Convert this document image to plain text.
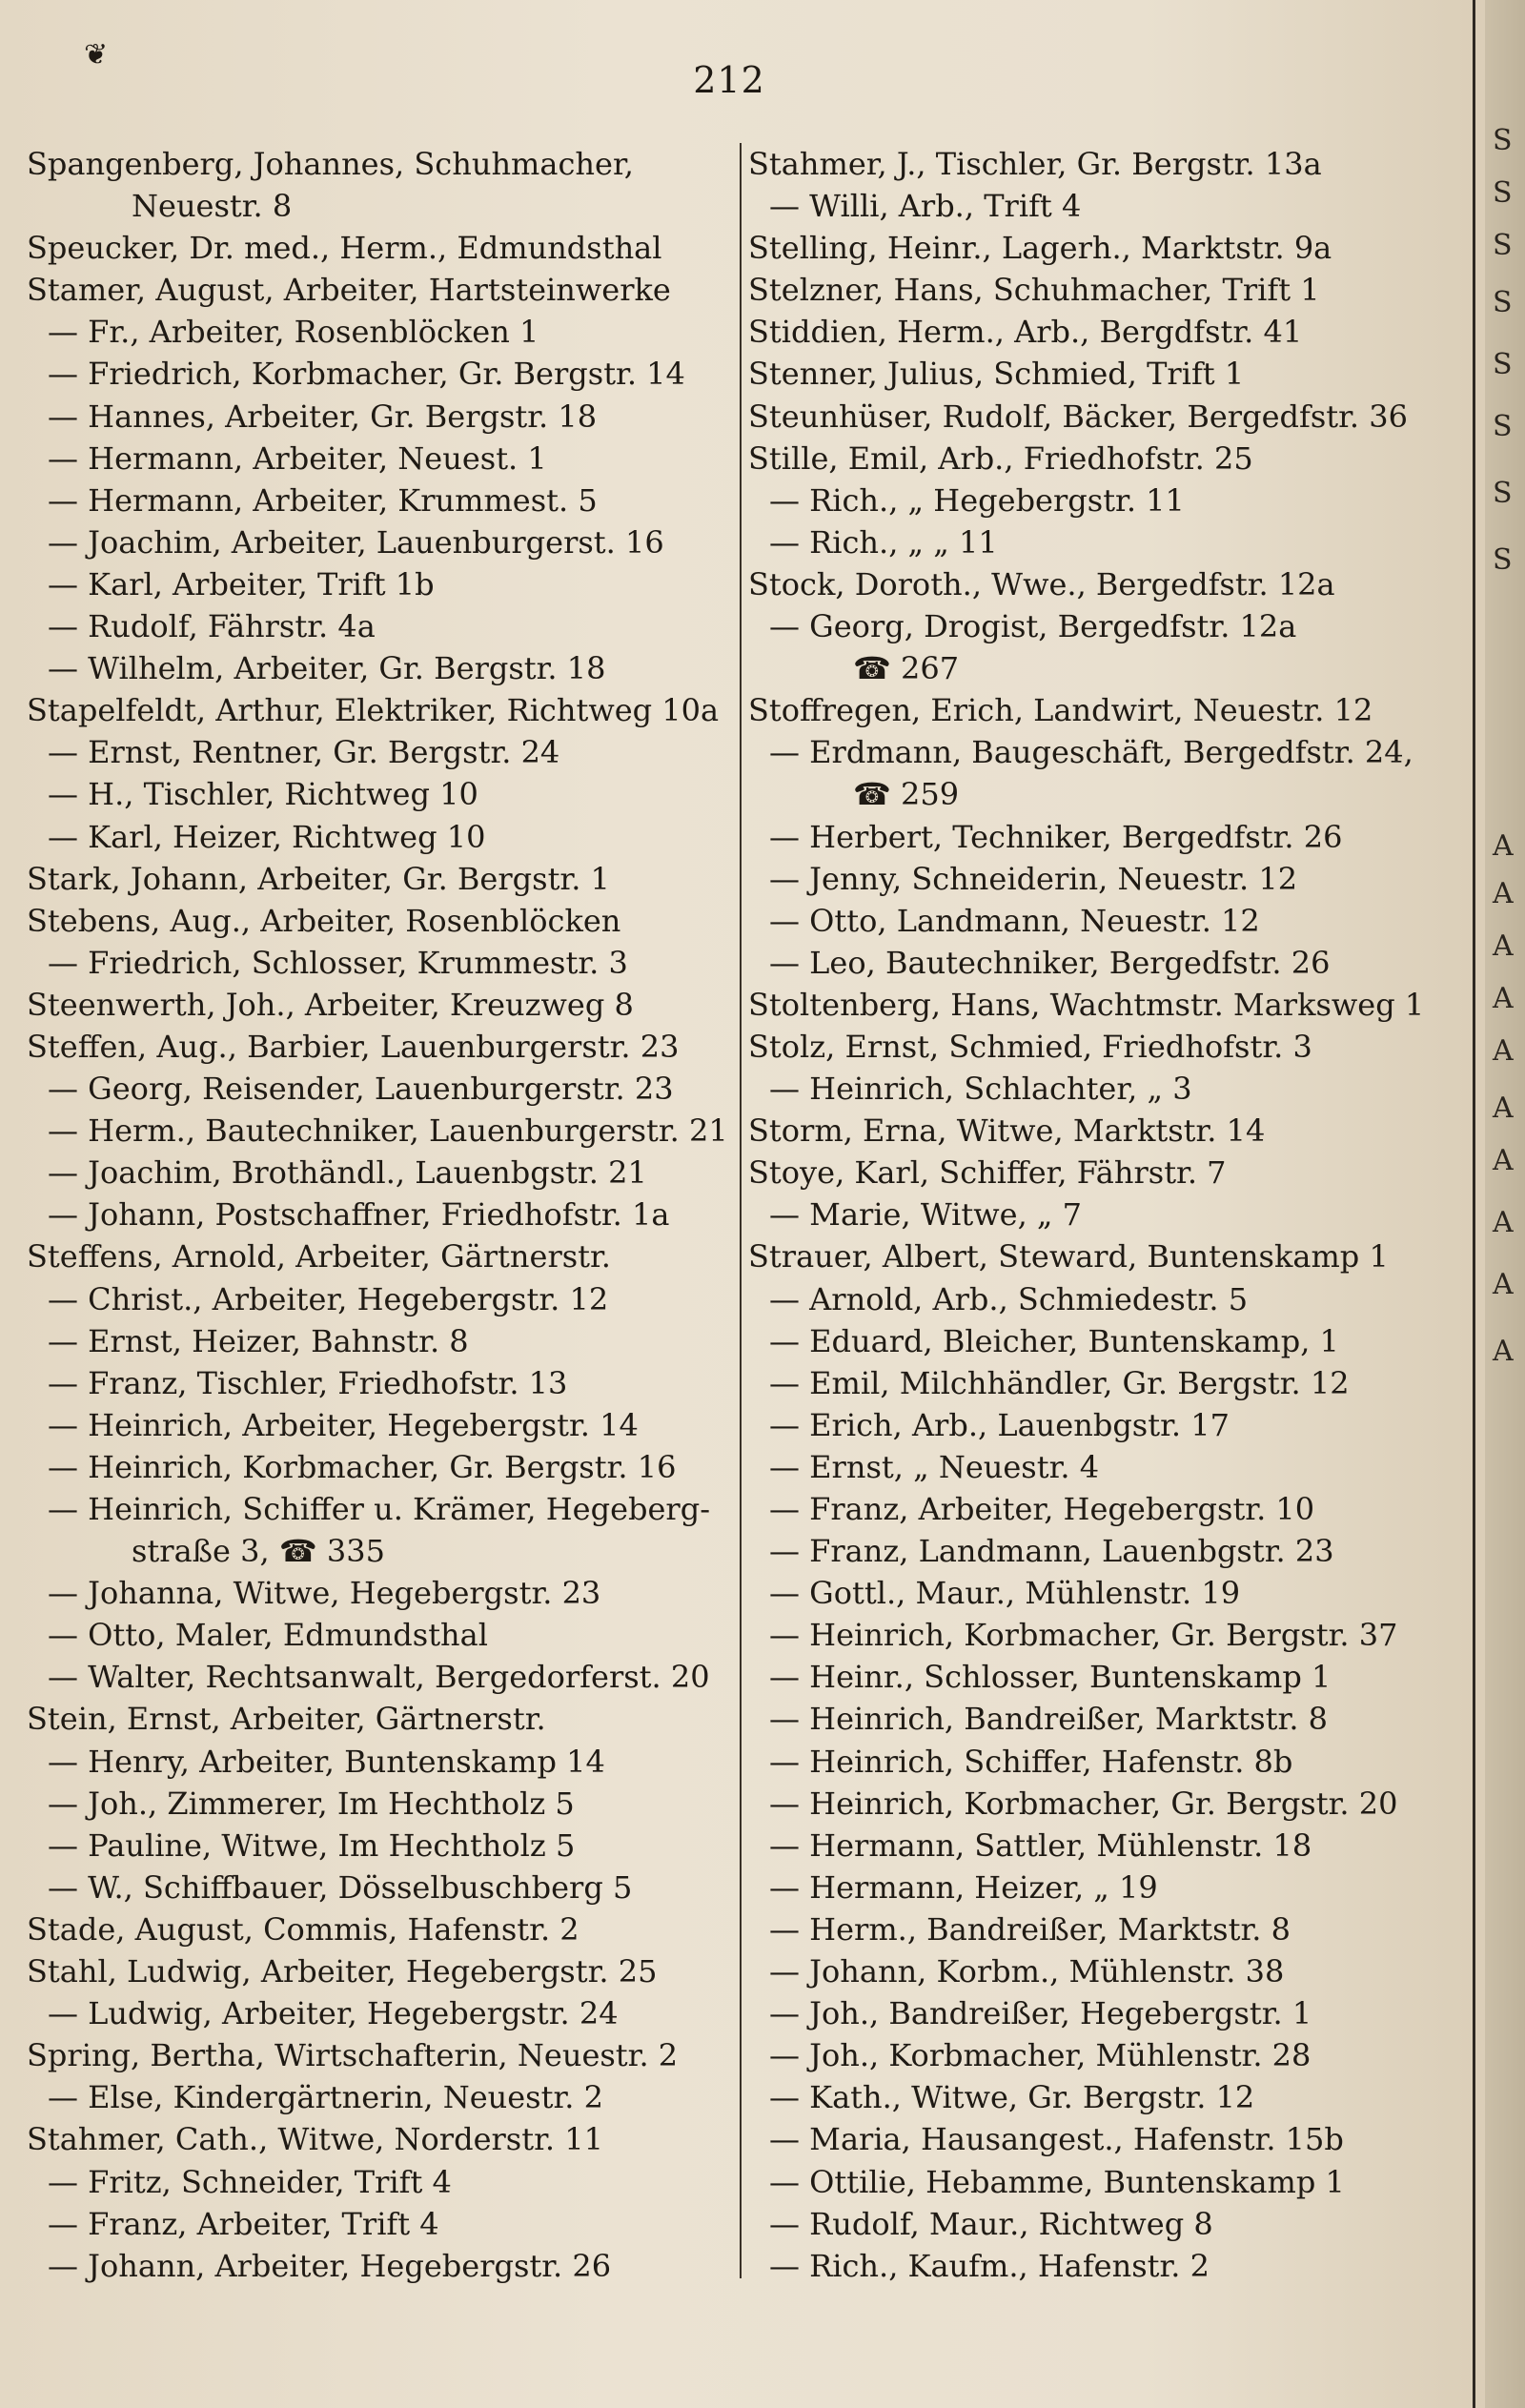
❦
212
Spangenberg, Johannes, Schuhmacher,
Neuestr. 8
Speucker, Dr. med., Herm., Edmundsthal
Stamer, August, Arbeiter, Hartsteinwerke
— Fr., Arbeiter, Rosenblöcken 1
— Friedrich, Korbmacher, Gr. Bergstr. 14
— Hannes, Arbeiter, Gr. Bergstr. 18
— Hermann, Arbeiter, Neuest. 1
— Hermann, Arbeiter, Krummest. 5
— Joachim, Arbeiter, Lauenburgerst. 16
— Karl, Arbeiter, Trift 1b
— Rudolf, Fährstr. 4a
— Wilhelm, Arbeiter, Gr. Bergstr. 18
Stapelfeldt, Arthur, Elektriker, Richtweg 10a
— Ernst, Rentner, Gr. Bergstr. 24
— H., Tischler, Richtweg 10
— Karl, Heizer, Richtweg 10
Stark, Johann, Arbeiter, Gr. Bergstr. 1
Stebens, Aug., Arbeiter, Rosenblöcken
— Friedrich, Schlosser, Krummestr. 3
Steenwerth, Joh., Arbeiter, Kreuzweg 8
Steffen, Aug., Barbier, Lauenburgerstr. 23
— Georg, Reisender, Lauenburgerstr. 23
— Herm., Bautechniker, Lauenburgerstr. 21
— Joachim, Brothändl., Lauenbgstr. 21
— Johann, Postschaffner, Friedhofstr. 1a
Steffens, Arnold, Arbeiter, Gärtnerstr.
— Christ., Arbeiter, Hegebergstr. 12
— Ernst, Heizer, Bahnstr. 8
— Franz, Tischler, Friedhofstr. 13
— Heinrich, Arbeiter, Hegebergstr. 14
— Heinrich, Korbmacher, Gr. Bergstr. 16
— Heinrich, Schiffer u. Krämer, Hegeberg-
straße 3, ☎ 335
— Johanna, Witwe, Hegebergstr. 23
— Otto, Maler, Edmundsthal
— Walter, Rechtsanwalt, Bergedorferst. 20
Stein, Ernst, Arbeiter, Gärtnerstr.
— Henry, Arbeiter, Buntenskamp 14
— Joh., Zimmerer, Im Hechtholz 5
— Pauline, Witwe, Im Hechtholz 5
— W., Schiffbauer, Dösselbuschberg 5
Stade, August, Commis, Hafenstr. 2
Stahl, Ludwig, Arbeiter, Hegebergstr. 25
— Ludwig, Arbeiter, Hegebergstr. 24
Spring, Bertha, Wirtschafterin, Neuestr. 2
— Else, Kindergärtnerin, Neuestr. 2
Stahmer, Cath., Witwe, Norderstr. 11
— Fritz, Schneider, Trift 4
— Franz, Arbeiter, Trift 4
— Johann, Arbeiter, Hegebergstr. 26
Stahmer, J., Tischler, Gr. Bergstr. 13a
— Willi, Arb., Trift 4
Stelling, Heinr., Lagerh., Marktstr. 9a
Stelzner, Hans, Schuhmacher, Trift 1
Stiddien, Herm., Arb., Bergdfstr. 41
Stenner, Julius, Schmied, Trift 1
Steunhüser, Rudolf, Bäcker, Bergedfstr. 36
Stille, Emil, Arb., Friedhofstr. 25
— Rich., „ Hegebergstr. 11
— Rich., „ „ 11
Stock, Doroth., Wwe., Bergedfstr. 12a
— Georg, Drogist, Bergedfstr. 12a
☎ 267
Stoffregen, Erich, Landwirt, Neuestr. 12
— Erdmann, Baugeschäft, Bergedfstr. 24,
☎ 259
— Herbert, Techniker, Bergedfstr. 26
— Jenny, Schneiderin, Neuestr. 12
— Otto, Landmann, Neuestr. 12
— Leo, Bautechniker, Bergedfstr. 26
Stoltenberg, Hans, Wachtmstr. Marksweg 1
Stolz, Ernst, Schmied, Friedhofstr. 3
— Heinrich, Schlachter, „ 3
Storm, Erna, Witwe, Marktstr. 14
Stoye, Karl, Schiffer, Fährstr. 7
— Marie, Witwe, „ 7
Strauer, Albert, Steward, Buntenskamp 1
— Arnold, Arb., Schmiedestr. 5
— Eduard, Bleicher, Buntenskamp, 1
— Emil, Milchhändler, Gr. Bergstr. 12
— Erich, Arb., Lauenbgstr. 17
— Ernst, „ Neuestr. 4
— Franz, Arbeiter, Hegebergstr. 10
— Franz, Landmann, Lauenbgstr. 23
— Gottl., Maur., Mühlenstr. 19
— Heinrich, Korbmacher, Gr. Bergstr. 37
— Heinr., Schlosser, Buntenskamp 1
— Heinrich, Bandreißer, Marktstr. 8
— Heinrich, Schiffer, Hafenstr. 8b
— Heinrich, Korbmacher, Gr. Bergstr. 20
— Hermann, Sattler, Mühlenstr. 18
— Hermann, Heizer, „ 19
— Herm., Bandreißer, Marktstr. 8
— Johann, Korbm., Mühlenstr. 38
— Joh., Bandreißer, Hegebergstr. 1
— Joh., Korbmacher, Mühlenstr. 28
— Kath., Witwe, Gr. Bergstr. 12
— Maria, Hausangest., Hafenstr. 15b
— Ottilie, Hebamme, Buntenskamp 1
— Rudolf, Maur., Richtweg 8
— Rich., Kaufm., Hafenstr. 2
S
S
S
S
S
S
S
S
A
A
A
A
A
A
A
A
A
A
